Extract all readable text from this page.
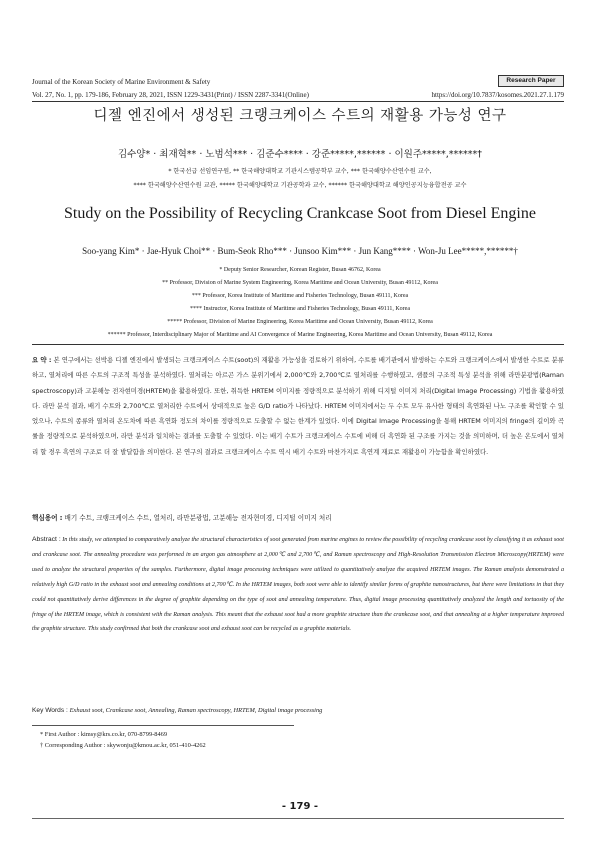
Journal of the Korean Society of Marine Environment & Safety	Research Paper
Vol. 27, No. 1, pp. 179-186, February 28, 2021, ISSN 1229-3431(Print) / ISSN 2287-3341(Online)	https://doi.org/10.7837/kosomes.2021.27.1.179
디젤 엔진에서 생성된 크랭크케이스 수트의 재활용 가능성 연구
김수양* · 최재혁** · 노범석*** · 김준수**** · 강준*****,****** · 이원주*****,******†
* 한국선급 선임연구원, ** 한국해양대학교 기관시스템공학부 교수, *** 한국해양수산연수원 교수,
**** 한국해양수산연수원 교관, ***** 한국해양대학교 기관공학과 교수, ****** 한국해양대학교 해양인공지능융합전공 교수
Study on the Possibility of Recycling Crankcase Soot from Diesel Engine
Soo-yang Kim* · Jae-Hyuk Choi** · Bum-Seok Rho*** · Junsoo Kim*** · Jun Kang**** · Won-Ju Lee*****,******†
* Deputy Senior Researcher, Korean Register, Busan 46762, Korea
** Professor, Division of Marine System Engineering, Korea Maritime and Ocean University, Busan 49112, Korea
*** Professor, Korea Institute of Maritime and Fisheries Technology, Busan 49111, Korea
**** Instructor, Korea Institute of Maritime and Fisheries Technology, Busan 49111, Korea
***** Professor, Division of Marine Engineering, Korea Maritime and Ocean University, Busan 49112, Korea
****** Professor, Interdisciplinary Major of Maritime and AI Convergence of Marine Engineering, Korea Maritime and Ocean University, Busan 49112, Korea
요 약 : 본 연구에서는 선박용 디젤 엔진에서 발생되는 크랭크케이스 수트(soot)의 재활용 가능성을 검토하기 위하여, 수트를 배기관에서 발생하는 수트와 크랭크케이스에서 발생한 수트로 분류하고, 열처리에 따른 수트의 구조적 특성을 분석하였다. 열처리는 아르곤 가스 분위기에서 2,000℃와 2,700℃로 열처리를 수행하였고, 샘플의 구조적 특성 분석을 위해 라만분광법(Raman spectroscopy)과 고분해능 전자현미경(HRTEM)을 활용하였다. 또한, 취득한 HRTEM 이미지를 정량적으로 분석하기 위해 디지털 이미지 처리(Digital Image Processing) 기법을 활용하였다. 라만 분석 결과, 배기 수트와 2,700℃로 열처리한 수트에서 상대적으로 높은 G/D ratio가 나타났다. HRTEM 이미지에서는 두 수트 모두 유사한 형태의 흑연화된 나노 구조를 확인할 수 있었으나, 수트의 종류와 열처리 온도차에 따른 흑연화 정도의 차이를 정량적으로 도출할 수 없는 한계가 있었다. 이에 Digital Image Processing을 통해 HRTEM 이미지의 fringe의 길이와 곡률을 정량적으로 분석하였으며, 라만 분석과 일치하는 결과를 도출할 수 있었다. 이는 배기 수트가 크랭크케이스 수트에 비해 더 흑연화 된 구조를 가지는 것을 의미하며, 더 높은 온도에서 열처리 할 경우 흑연의 구조로 더 잘 발달함을 의미한다. 본 연구의 결과로 크랭크케이스 수트 역시 배기 수트와 마찬가지로 흑연계 재료로 재활용이 가능함을 확인하였다.
핵심용어 : 배기 수트, 크랭크케이스 수트, 열처리, 라만분광법, 고분해능 전자현미경, 디지털 이미지 처리
Abstract : In this study, we attempted to comparatively analyze the structural characteristics of soot generated from marine engines to review the possibility of recycling crankcase soot by classifying it as exhaust soot and crankcase soot. The annealing procedure was performed in an argon gas atmosphere at 2,000℃ and 2,700℃, and Raman spectroscopy and High-Resolution Transmission Electron Microscopy(HRTEM) were used to analyze the structural properties of the samples. Furthermore, digital image processing techniques were utilized to quantitatively analyze the acquired HRTEM images. The Raman analysis demonstrated a relatively high G/D ratio in the exhaust soot and annealing conditions at 2,700℃. In the HRTEM images, both soot were able to identify similar forms of graphite nanostructures, but there were limitations in that they could not quantitatively derive differences in the degree of graphite depending on the type of soot and annealing temperature. Thus, digital image processing quantitatively analyzed the length and tortuosity of the fringe of the HRTEM image, which is consistent with the Raman analysis. This meant that the exhaust soot had a more graphite structure than the crankcase soot, and that annealing at a higher temperature improved the graphite structure. This study confirmed that both the crankcase soot and exhaust soot can be recycled as a graphite materials.
Key Words : Exhaust soot, Crankcase soot, Annealing, Raman spectroscopy, HRTEM, Digital image processing
* First Author : kimsy@krs.co.kr, 070-8799-8469
† Corresponding Author : skywonju@kmou.ac.kr, 051-410-4262
- 179 -
